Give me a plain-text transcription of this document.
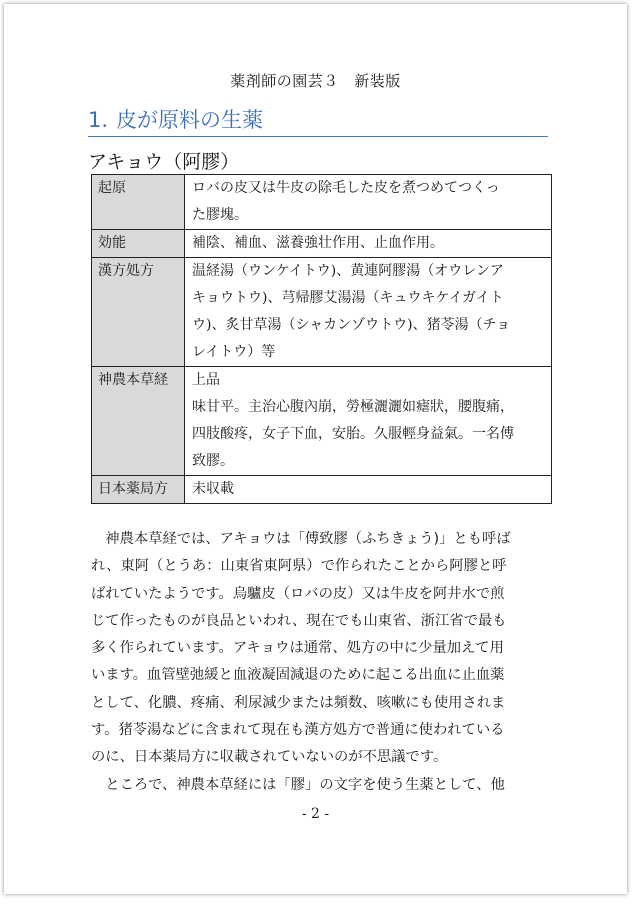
薬剤師の園芸３　新装版
1. 皮が原料の生薬
アキョウ（阿膠）
起原	ロバの皮又は牛皮の除毛した皮を煮つめてつくっ
た膠塊。

効能	補陰、補血、滋養強壮作用、止血作用。

漢方処方	温経湯（ウンケイトウ)、黄連阿膠湯（オウレンア
キョウトウ)、芎帰膠艾湯湯（キュウキケイガイト
ウ)、炙甘草湯（シャカンゾウトウ)、猪苓湯（チョ
レイトウ）等

神農本草経	上品
味甘平。主治心腹內崩，勞極灑灑如瘧狀，腰腹痛，
四肢酸疼，女子下血，安胎。久服輕身益氣。一名傅
致膠。

日本薬局方	未収載
　神農本草経では、アキョウは「傅致膠（ふちきょう)」とも呼ば
れ、東阿（とうあ：山東省東阿県）で作られたことから阿膠と呼
ばれていたようです。烏驢皮（ロバの皮）又は牛皮を阿井水で煎
じて作ったものが良品といわれ、現在でも山東省、浙江省で最も
多く作られています。アキョウは通常、処方の中に少量加えて用
います。血管壁弛緩と血液凝固減退のために起こる出血に止血薬
として、化膿、疼痛、利尿減少または頻数、咳嗽にも使用されま
す。猪苓湯などに含まれて現在も漢方処方で普通に使われている
のに、日本薬局方に収載されていないのが不思議です。
　ところで、神農本草経には「膠」の文字を使う生薬として、他
- 2 -
